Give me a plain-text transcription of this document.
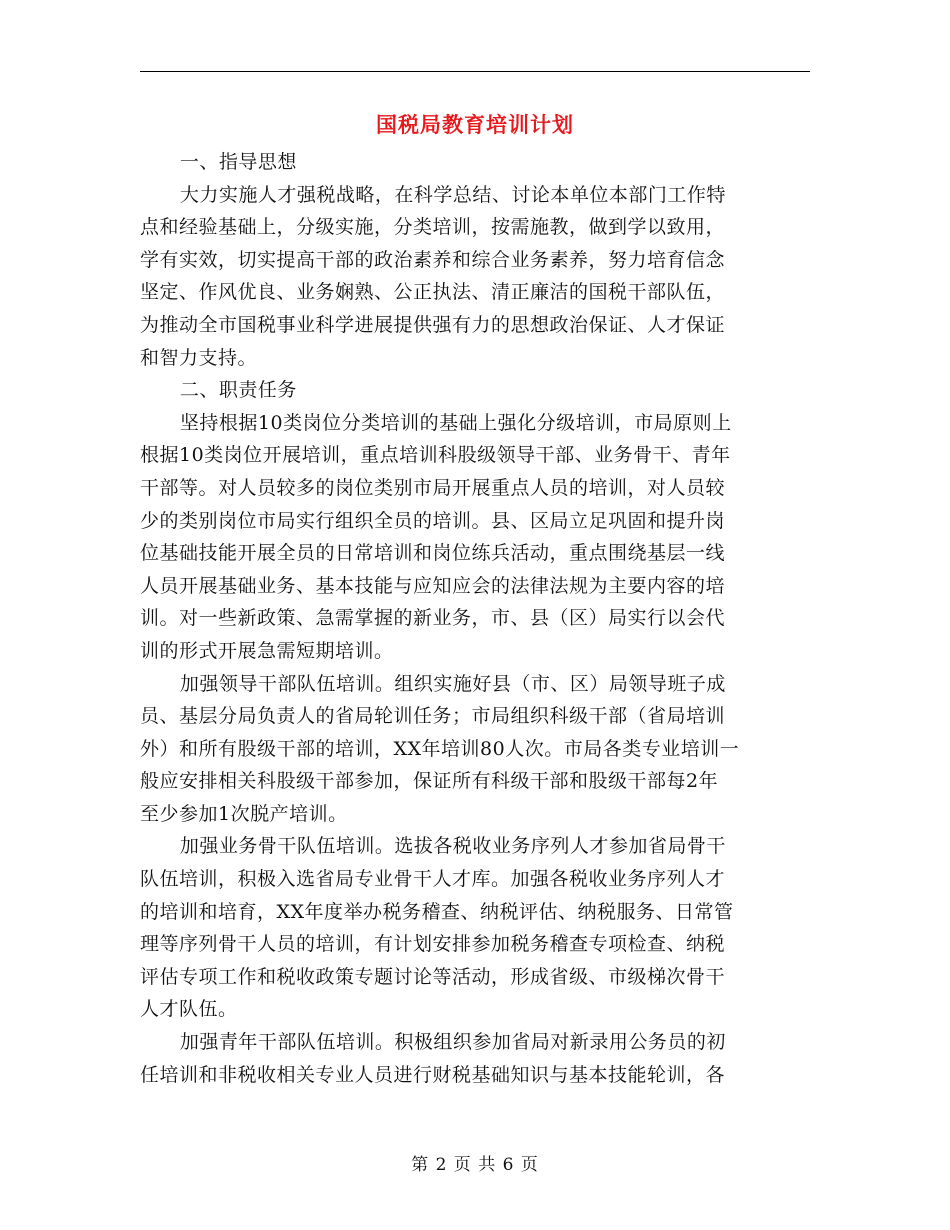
国税局教育培训计划

一、指导思想

大力实施人才强税战略，在科学总结、讨论本单位本部门工作特
点和经验基础上，分级实施，分类培训，按需施教，做到学以致用，
学有实效，切实提高干部的政治素养和综合业务素养，努力培育信念
坚定、作风优良、业务娴熟、公正执法、清正廉洁的国税干部队伍，
为推动全市国税事业科学进展提供强有力的思想政治保证、人才保证
和智力支持。

二、职责任务

坚持根据10类岗位分类培训的基础上强化分级培训，市局原则上
根据10类岗位开展培训，重点培训科股级领导干部、业务骨干、青年
干部等。对人员较多的岗位类别市局开展重点人员的培训，对人员较
少的类别岗位市局实行组织全员的培训。县、区局立足巩固和提升岗
位基础技能开展全员的日常培训和岗位练兵活动，重点围绕基层一线
人员开展基础业务、基本技能与应知应会的法律法规为主要内容的培
训。对一些新政策、急需掌握的新业务，市、县（区）局实行以会代
训的形式开展急需短期培训。

加强领导干部队伍培训。组织实施好县（市、区）局领导班子成
员、基层分局负责人的省局轮训任务；市局组织科级干部（省局培训
外）和所有股级干部的培训，XX年培训80人次。市局各类专业培训一
般应安排相关科股级干部参加，保证所有科级干部和股级干部每2年
至少参加1次脱产培训。

加强业务骨干队伍培训。选拔各税收业务序列人才参加省局骨干
队伍培训，积极入选省局专业骨干人才库。加强各税收业务序列人才
的培训和培育，XX年度举办税务稽查、纳税评估、纳税服务、日常管
理等序列骨干人员的培训，有计划安排参加税务稽查专项检查、纳税
评估专项工作和税收政策专题讨论等活动，形成省级、市级梯次骨干
人才队伍。

加强青年干部队伍培训。积极组织参加省局对新录用公务员的初
任培训和非税收相关专业人员进行财税基础知识与基本技能轮训，各

第 2 页 共 6 页
